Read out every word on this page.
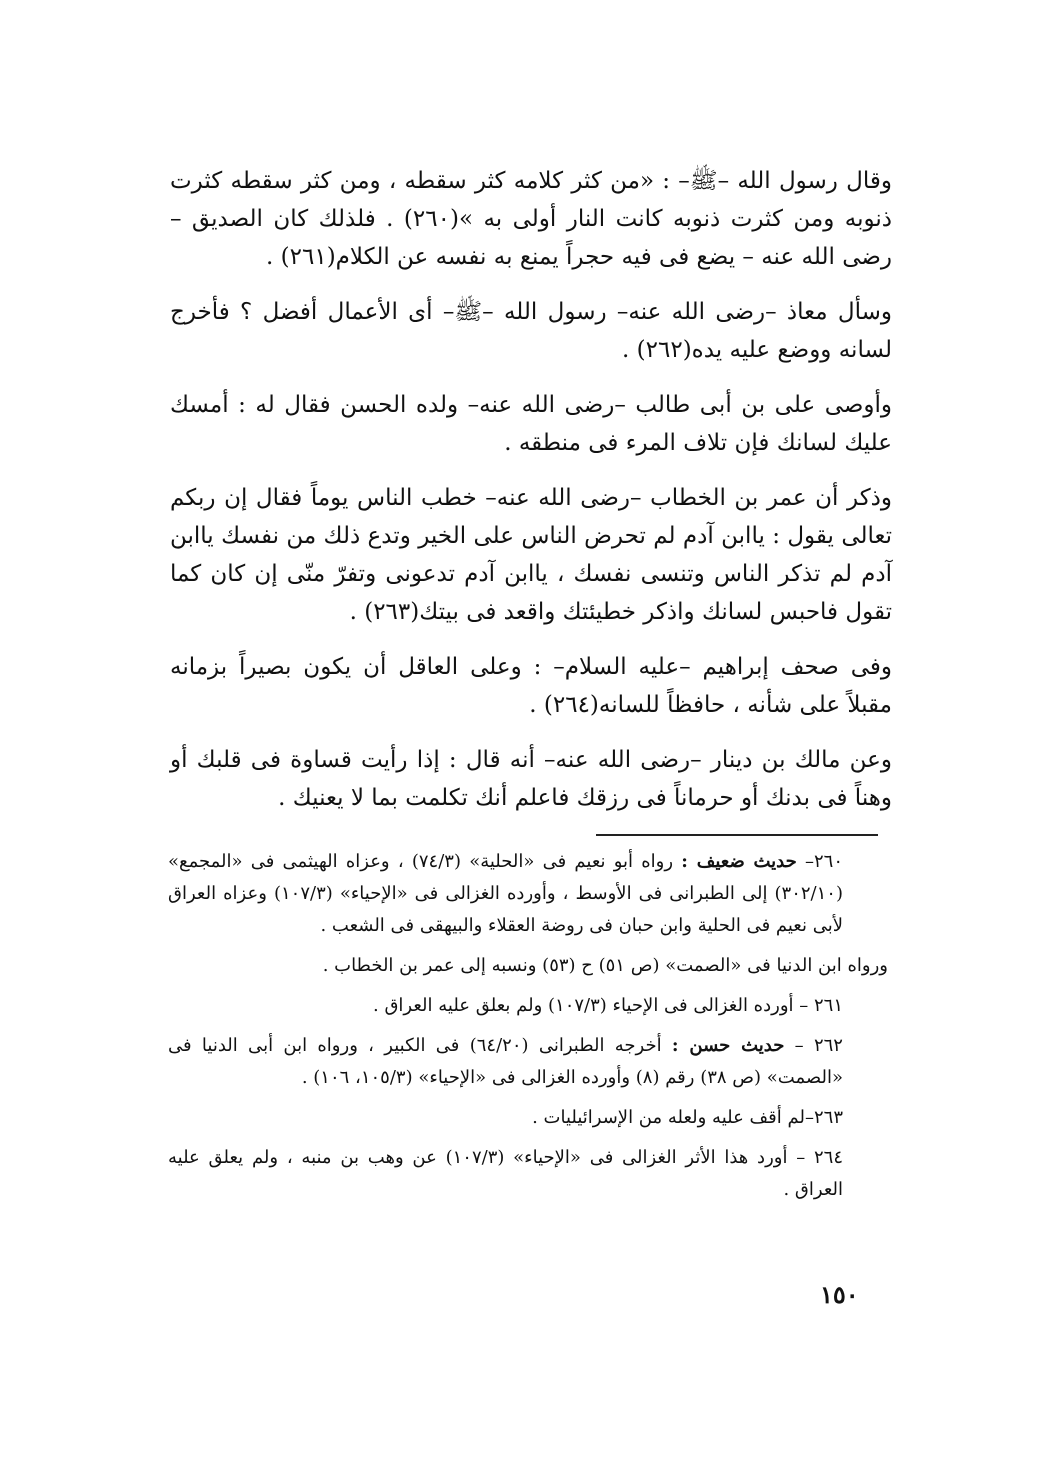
وقال رسول الله –ﷺ– : «من كثر كلامه كثر سقطه ، ومن كثر سقطه كثرت ذنوبه ومن كثرت ذنوبه كانت النار أولى به »(٢٦٠) . فلذلك كان الصديق – رضى الله عنه – يضع فى فيه حجراً يمنع به نفسه عن الكلام(٢٦١) .

وسأل معاذ –رضى الله عنه– رسول الله –ﷺ– أى الأعمال أفضل ؟ فأخرج لسانه ووضع عليه يده(٢٦٢) .

وأوصى على بن أبى طالب –رضى الله عنه– ولده الحسن فقال له : أمسك عليك لسانك فإن تلاف المرء فى منطقه .

وذكر أن عمر بن الخطاب –رضى الله عنه– خطب الناس يوماً فقال إن ربكم تعالى يقول : ياابن آدم لم تحرض الناس على الخير وتدع ذلك من نفسك ياابن آدم لم تذكر الناس وتنسى نفسك ، ياابن آدم تدعونى وتفرّ منّى إن كان كما تقول فاحبس لسانك واذكر خطيئتك واقعد فى بيتك(٢٦٣) .

وفى صحف إبراهيم –عليه السلام– : وعلى العاقل أن يكون بصيراً بزمانه مقبلاً على شأنه ، حافظاً للسانه(٢٦٤) .

وعن مالك بن دينار –رضى الله عنه– أنه قال : إذا رأيت قساوة فى قلبك أو وهناً فى بدنك أو حرماناً فى رزقك فاعلم أنك تكلمت بما لا يعنيك .

٢٦٠– حديث ضعيف : رواه أبو نعيم فى «الحلية» (٧٤/٣) ، وعزاه الهيثمى فى «المجمع» (٣٠٢/١٠) إلى الطبرانى فى الأوسط ، وأورده الغزالى فى «الإحياء» (١٠٧/٣) وعزاه العراق لأبى نعيم فى الحلية وابن حبان فى روضة العقلاء والبيهقى فى الشعب .

ورواه ابن الدنيا فى «الصمت» (ص ٥١) ح (٥٣) ونسبه إلى عمر بن الخطاب .

٢٦١ – أورده الغزالى فى الإحياء (١٠٧/٣) ولم بعلق عليه العراق .

٢٦٢ – حديث حسن : أخرجه الطبرانى (٦٤/٢٠) فى الكبير ، ورواه ابن أبى الدنيا فى «الصمت» (ص ٣٨) رقم (٨) وأورده الغزالى فى «الإحياء» (١٠٥/٣، ١٠٦) .

٢٦٣–لم أقف عليه ولعله من الإسرائيليات .

٢٦٤ – أورد هذا الأثر الغزالى فى «الإحياء» (١٠٧/٣) عن وهب بن منبه ، ولم يعلق عليه العراق .

١٥٠
